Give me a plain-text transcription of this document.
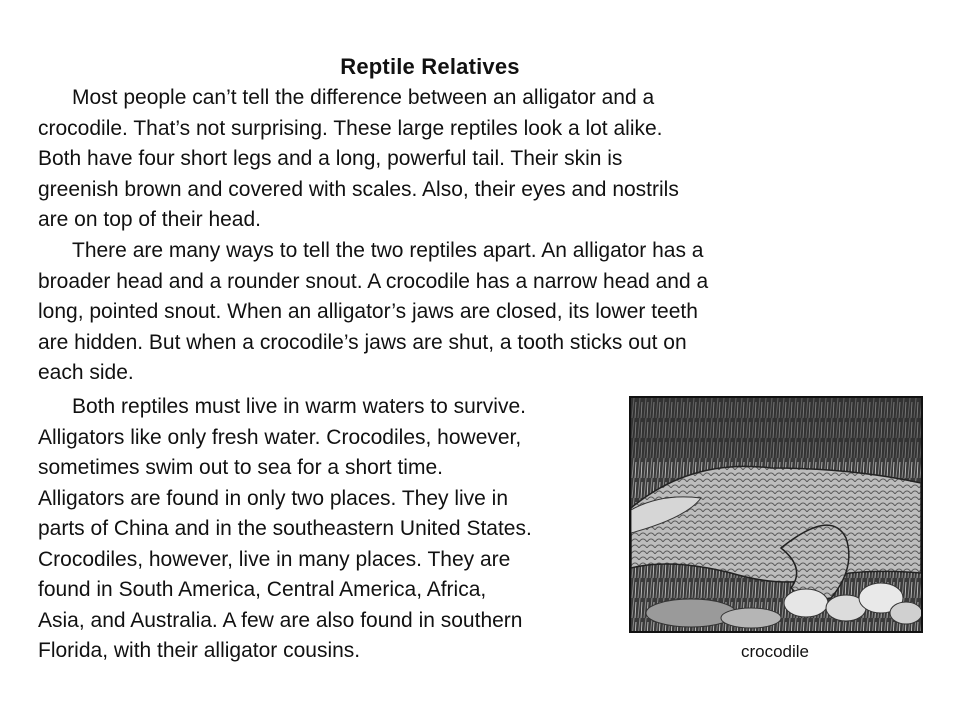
Reptile Relatives
Most people can’t tell the difference between an alligator and a
crocodile. That’s not surprising. These large reptiles look a lot alike.
Both have four short legs and a long, powerful tail. Their skin is
greenish brown and covered with scales. Also, their eyes and nostrils
are on top of their head.
There are many ways to tell the two reptiles apart. An alligator has a
broader head and a rounder snout. A crocodile has a narrow head and a
long, pointed snout. When an alligator’s jaws are closed, its lower teeth
are hidden. But when a crocodile’s jaws are shut, a tooth sticks out on
each side.
Both reptiles must live in warm waters to survive.
Alligators like only fresh water. Crocodiles, however,
sometimes swim out to sea for a short time.
Alligators are found in only two places. They live in
parts of China and in the southeastern United States.
Crocodiles, however, live in many places. They are
found in South America, Central America, Africa,
Asia, and Australia. A few are also found in southern
Florida, with their alligator cousins.	crocodile
